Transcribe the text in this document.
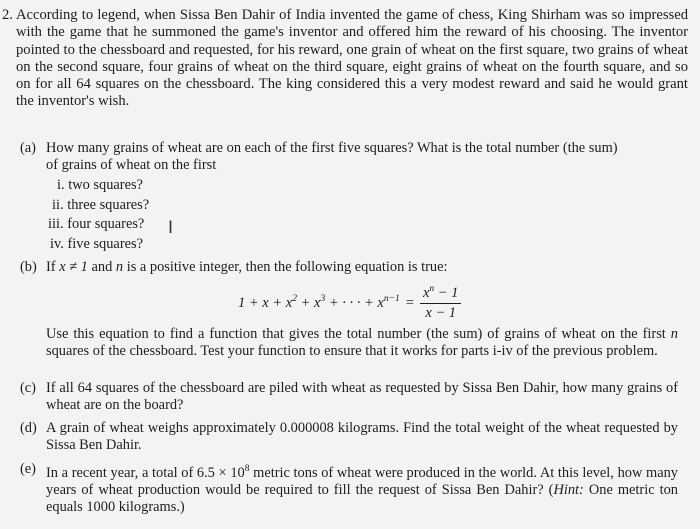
2. According to legend, when Sissa Ben Dahir of India invented the game of chess, King Shirham was so impressed with the game that he summoned the game's inventor and offered him the reward of his choosing. The inventor pointed to the chessboard and requested, for his reward, one grain of wheat on the first square, two grains of wheat on the second square, four grains of wheat on the third square, eight grains of wheat on the fourth square, and so on for all 64 squares on the chessboard. The king considered this a very modest reward and said he would grant the inventor's wish.
(a) How many grains of wheat are on each of the first five squares? What is the total number (the sum)
of grains of wheat on the first
i. two squares?
ii. three squares?
iii. four squares?
iv. five squares?
I
(b) If x ≠ 1 and n is a positive integer, then the following equation is true:
$1 + x + x^2 + x^3$ + · · · + $x^{n-1} = \frac{x^n - 1}{x - 1}$
Use this equation to find a function that gives the total number (the sum) of grains of wheat on the first n squares of the chessboard. Test your function to ensure that it works for parts i-iv of the previous problem.
(c) If all 64 squares of the chessboard are piled with wheat as requested by Sissa Ben Dahir, how many grains of wheat are on the board?
(d) A grain of wheat weighs approximately 0.000008 kilograms. Find the total weight of the wheat requested by Sissa Ben Dahir.
(e) In a recent year, a total of $6.5 \times 10^8$ metric tons of wheat were produced in the world. At this level, how many years of wheat production would be required to fill the request of Sissa Ben Dahir? (Hint: One metric ton equals 1000 kilograms.)
